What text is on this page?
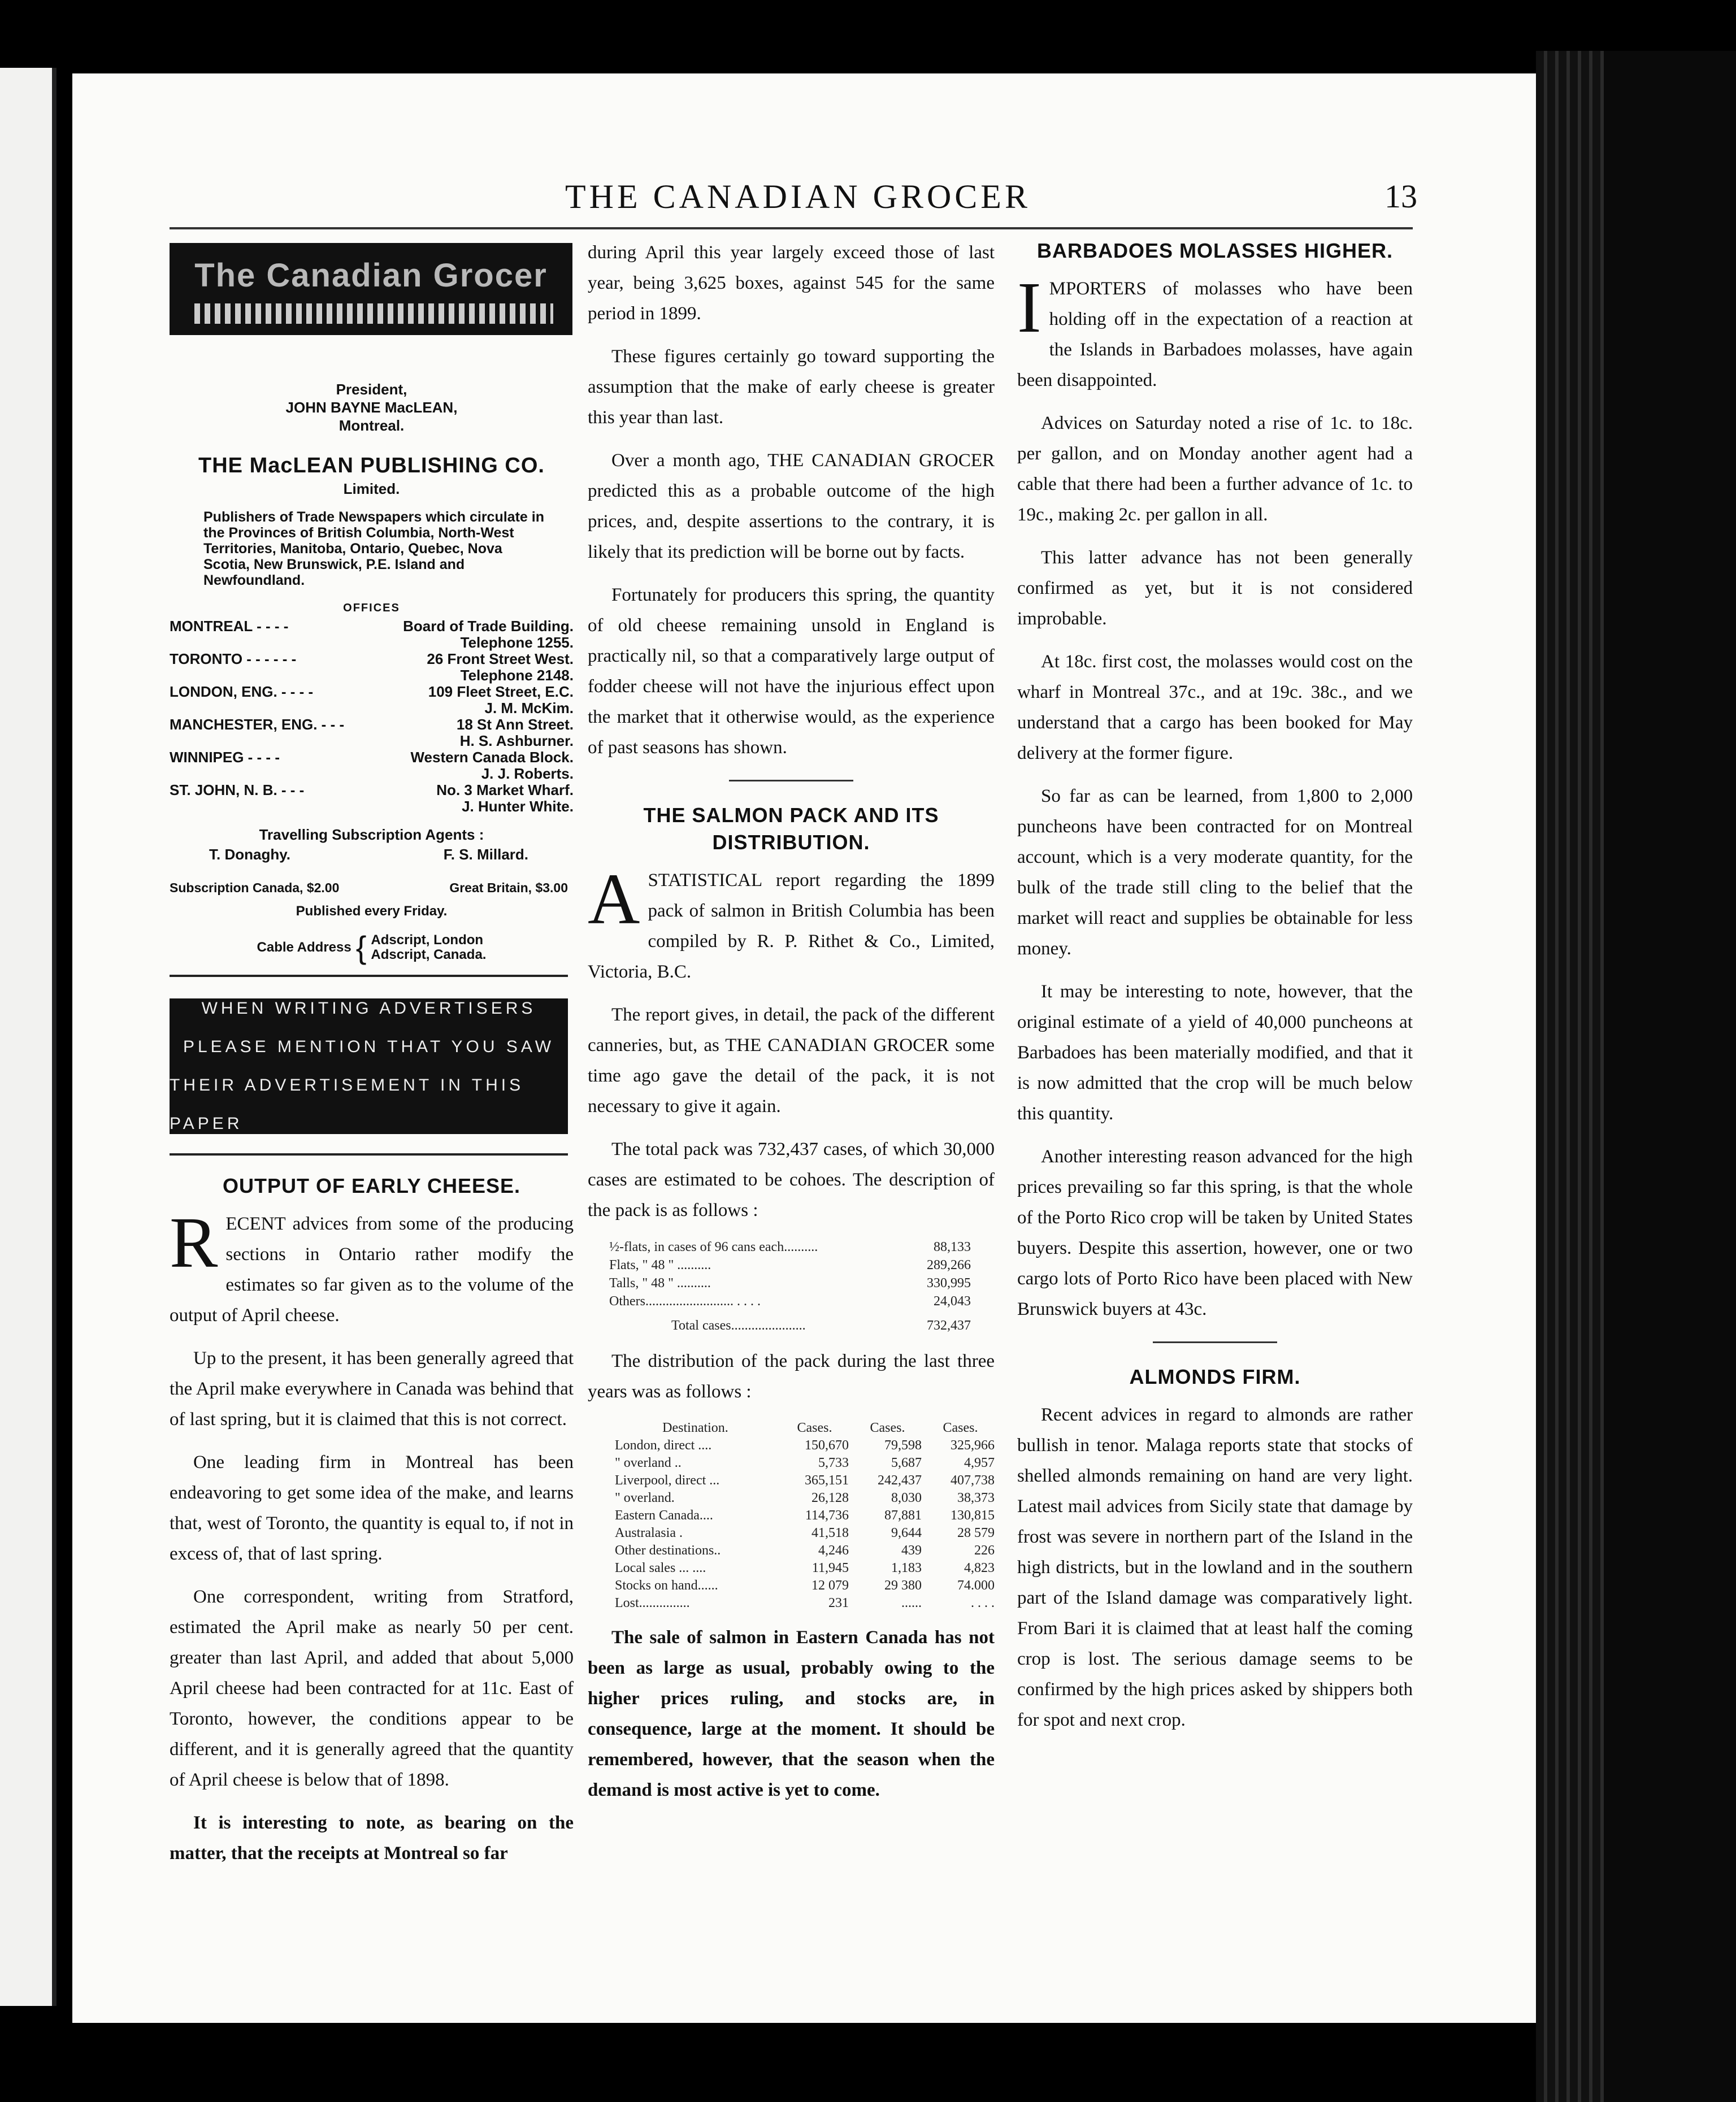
THE CANADIAN GROCER	13
The Canadian Grocer
President,
JOHN BAYNE MacLEAN,
Montreal.
THE MacLEAN PUBLISHING CO.
Limited.
Publishers of Trade Newspapers which circulate in the Provinces of British Columbia, North-West Territories, Manitoba, Ontario, Quebec, Nova Scotia, New Brunswick, P.E. Island and Newfoundland.
OFFICES
MONTREAL - - - -	Board of Trade Building.
	Telephone 1255.
TORONTO - - - - - -	26 Front Street West.
	Telephone 2148.
LONDON, ENG. - - - -	109 Fleet Street, E.C.
	J. M. McKim.
MANCHESTER, ENG. - - -	18 St Ann Street.
	H. S. Ashburner.
WINNIPEG - - - -	Western Canada Block.
	J. J. Roberts.
ST. JOHN, N. B. - - -	No. 3 Market Wharf.
	J. Hunter White.
Travelling Subscription Agents :
T. Donaghy.	F. S. Millard.
Subscription Canada, $2.00	Great Britain, $3.00
Published every Friday.
Cable Address { Adscript, London
Adscript, Canada.
WHEN WRITING ADVERTISERS
PLEASE MENTION THAT YOU SAW
THEIR ADVERTISEMENT IN THIS PAPER
OUTPUT OF EARLY CHEESE.

RECENT advices from some of the producing sections in Ontario rather modify the estimates so far given as to the volume of the output of April cheese.

Up to the present, it has been generally agreed that the April make everywhere in Canada was behind that of last spring, but it is claimed that this is not correct.

One leading firm in Montreal has been endeavoring to get some idea of the make, and learns that, west of Toronto, the quantity is equal to, if not in excess of, that of last spring.

One correspondent, writing from Stratford, estimated the April make as nearly 50 per cent. greater than last April, and added that about 5,000 April cheese had been contracted for at 11c. East of Toronto, however, the conditions appear to be different, and it is generally agreed that the quantity of April cheese is below that of 1898.

It is interesting to note, as bearing on the matter, that the receipts at Montreal so far

during April this year largely exceed those of last year, being 3,625 boxes, against 545 for the same period in 1899.

These figures certainly go toward supporting the assumption that the make of early cheese is greater this year than last.

Over a month ago, THE CANADIAN GROCER predicted this as a probable outcome of the high prices, and, despite assertions to the contrary, it is likely that its prediction will be borne out by facts.

Fortunately for producers this spring, the quantity of old cheese remaining unsold in England is practically nil, so that a comparatively large output of fodder cheese will not have the injurious effect upon the market that it otherwise would, as the experience of past seasons has shown.

THE SALMON PACK AND ITS DISTRIBUTION.

ASTATISTICAL report regarding the 1899 pack of salmon in British Columbia has been compiled by R. P. Rithet & Co., Limited, Victoria, B.C.

The report gives, in detail, the pack of the different canneries, but, as THE CANADIAN GROCER some time ago gave the detail of the pack, it is not necessary to give it again.

The total pack was 732,437 cases, of which 30,000 cases are estimated to be cohoes. The description of the pack is as follows :

½-flats, in cases of 96 cans each..........	88,133
Flats, " 48 " ..........	289,266
Talls, " 48 " ..........	330,995
Others.......................... . . . .	24,043
Total cases......................	732,437

The distribution of the pack during the last three years was as follows :

Destination.	Cases.	Cases.	Cases.
London, direct ....	150,670	79,598	325,966
" overland ..	5,733	5,687	4,957
Liverpool, direct ...	365,151	242,437	407,738
" overland.	26,128	8,030	38,373
Eastern Canada....	114,736	87,881	130,815
Australasia .	41,518	9,644	28 579
Other destinations..	4,246	439	226
Local sales ... ....	11,945	1,183	4,823
Stocks on hand......	12 079	29 380	74.000
Lost...............	231	......	. . . .

The sale of salmon in Eastern Canada has not been as large as usual, probably owing to the higher prices ruling, and stocks are, in consequence, large at the moment. It should be remembered, however, that the season when the demand is most active is yet to come.

BARBADOES MOLASSES HIGHER.

IMPORTERS of molasses who have been holding off in the expectation of a reaction at the Islands in Barbadoes molasses, have again been disappointed.

Advices on Saturday noted a rise of 1c. to 18c. per gallon, and on Monday another agent had a cable that there had been a further advance of 1c. to 19c., making 2c. per gallon in all.

This latter advance has not been generally confirmed as yet, but it is not considered improbable.

At 18c. first cost, the molasses would cost on the wharf in Montreal 37c., and at 19c. 38c., and we understand that a cargo has been booked for May delivery at the former figure.

So far as can be learned, from 1,800 to 2,000 puncheons have been contracted for on Montreal account, which is a very moderate quantity, for the bulk of the trade still cling to the belief that the market will react and supplies be obtainable for less money.

It may be interesting to note, however, that the original estimate of a yield of 40,000 puncheons at Barbadoes has been materially modified, and that it is now admitted that the crop will be much below this quantity.

Another interesting reason advanced for the high prices prevailing so far this spring, is that the whole of the Porto Rico crop will be taken by United States buyers. Despite this assertion, however, one or two cargo lots of Porto Rico have been placed with New Brunswick buyers at 43c.

ALMONDS FIRM.

Recent advices in regard to almonds are rather bullish in tenor. Malaga reports state that stocks of shelled almonds remaining on hand are very light. Latest mail advices from Sicily state that damage by frost was severe in northern part of the Island in the high districts, but in the lowland and in the southern part of the Island damage was comparatively light. From Bari it is claimed that at least half the coming crop is lost. The serious damage seems to be confirmed by the high prices asked by shippers both for spot and next crop.
